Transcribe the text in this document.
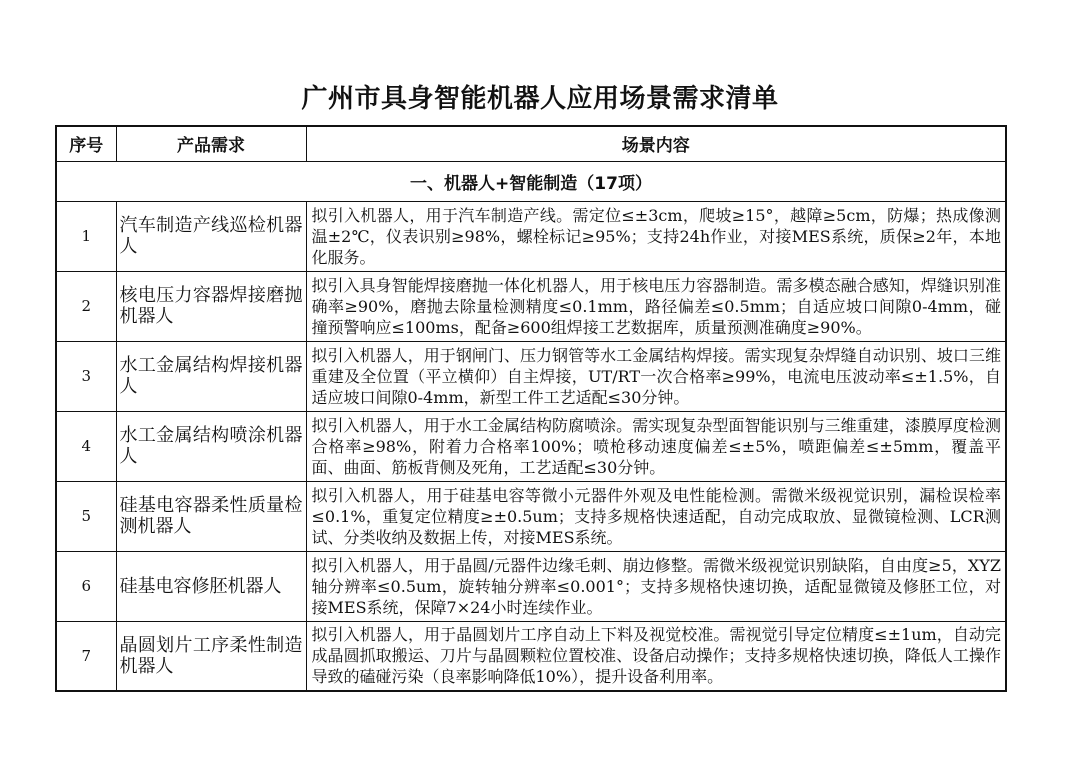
广州市具身智能机器人应用场景需求清单
序号	产品需求	场景内容
一、机器人+智能制造（17项）		
1	汽车制造产线巡检机器人	拟引入机器人，用于汽车制造产线。需定位≤±3cm，爬坡≥15°，越障≥5cm，防爆；热成像测温±2℃，仪表识别≥98%，螺栓标记≥95%；支持24h作业，对接MES系统，质保≥2年，本地化服务。
2	核电压力容器焊接磨抛机器人	拟引入具身智能焊接磨抛一体化机器人，用于核电压力容器制造。需多模态融合感知，焊缝识别准确率≥90%，磨抛去除量检测精度≤0.1mm，路径偏差≤0.5mm；自适应坡口间隙0-4mm，碰撞预警响应≤100ms，配备≥600组焊接工艺数据库，质量预测准确度≥90%。
3	水工金属结构焊接机器人	拟引入机器人，用于钢闸门、压力钢管等水工金属结构焊接。需实现复杂焊缝自动识别、坡口三维重建及全位置（平立横仰）自主焊接，UT/RT一次合格率≥99%，电流电压波动率≤±1.5%，自适应坡口间隙0-4mm，新型工件工艺适配≤30分钟。
4	水工金属结构喷涂机器人	拟引入机器人，用于水工金属结构防腐喷涂。需实现复杂型面智能识别与三维重建，漆膜厚度检测合格率≥98%，附着力合格率100%；喷枪移动速度偏差≤±5%，喷距偏差≤±5mm，覆盖平面、曲面、筋板背侧及死角，工艺适配≤30分钟。
5	硅基电容器柔性质量检测机器人	拟引入机器人，用于硅基电容等微小元器件外观及电性能检测。需微米级视觉识别，漏检误检率≤0.1%，重复定位精度≥±0.5um；支持多规格快速适配，自动完成取放、显微镜检测、LCR测试、分类收纳及数据上传，对接MES系统。
6	硅基电容修胚机器人	拟引入机器人，用于晶圆/元器件边缘毛刺、崩边修整。需微米级视觉识别缺陷，自由度≥5，XYZ轴分辨率≤0.5um，旋转轴分辨率≤0.001°；支持多规格快速切换，适配显微镜及修胚工位，对接MES系统，保障7×24小时连续作业。
7	晶圆划片工序柔性制造机器人	拟引入机器人，用于晶圆划片工序自动上下料及视觉校准。需视觉引导定位精度≤±1um，自动完成晶圆抓取搬运、刀片与晶圆颗粒位置校准、设备启动操作；支持多规格快速切换，降低人工操作导致的磕碰污染（良率影响降低10%），提升设备利用率。
